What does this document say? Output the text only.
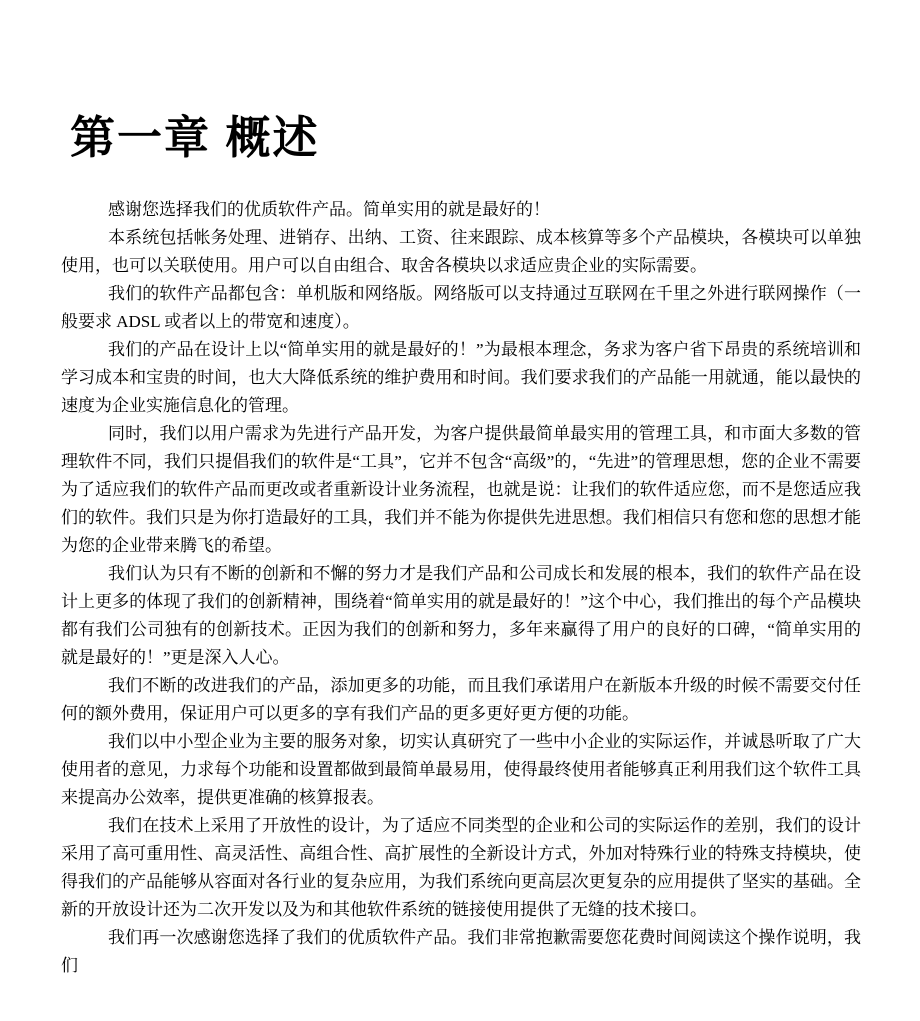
第一章 概述

感谢您选择我们的优质软件产品。简单实用的就是最好的！

本系统包括帐务处理、进销存、出纳、工资、往来跟踪、成本核算等多个产品模块，各模块可以单独使用，也可以关联使用。用户可以自由组合、取舍各模块以求适应贵企业的实际需要。

我们的软件产品都包含：单机版和网络版。网络版可以支持通过互联网在千里之外进行联网操作（一般要求 ADSL 或者以上的带宽和速度）。

我们的产品在设计上以“简单实用的就是最好的！”为最根本理念，务求为客户省下昂贵的系统培训和学习成本和宝贵的时间，也大大降低系统的维护费用和时间。我们要求我们的产品能一用就通，能以最快的速度为企业实施信息化的管理。

同时，我们以用户需求为先进行产品开发，为客户提供最简单最实用的管理工具，和市面大多数的管理软件不同，我们只提倡我们的软件是“工具”，它并不包含“高级”的，“先进”的管理思想，您的企业不需要为了适应我们的软件产品而更改或者重新设计业务流程，也就是说：让我们的软件适应您，而不是您适应我们的软件。我们只是为你打造最好的工具，我们并不能为你提供先进思想。我们相信只有您和您的思想才能为您的企业带来腾飞的希望。

我们认为只有不断的创新和不懈的努力才是我们产品和公司成长和发展的根本，我们的软件产品在设计上更多的体现了我们的创新精神，围绕着“简单实用的就是最好的！”这个中心，我们推出的每个产品模块都有我们公司独有的创新技术。正因为我们的创新和努力，多年来赢得了用户的良好的口碑，“简单实用的就是最好的！”更是深入人心。

我们不断的改进我们的产品，添加更多的功能，而且我们承诺用户在新版本升级的时候不需要交付任何的额外费用，保证用户可以更多的享有我们产品的更多更好更方便的功能。

我们以中小型企业为主要的服务对象，切实认真研究了一些中小企业的实际运作，并诚恳听取了广大使用者的意见，力求每个功能和设置都做到最简单最易用，使得最终使用者能够真正利用我们这个软件工具来提高办公效率，提供更准确的核算报表。

我们在技术上采用了开放性的设计，为了适应不同类型的企业和公司的实际运作的差别，我们的设计采用了高可重用性、高灵活性、高组合性、高扩展性的全新设计方式，外加对特殊行业的特殊支持模块，使得我们的产品能够从容面对各行业的复杂应用，为我们系统向更高层次更复杂的应用提供了坚实的基础。全新的开放设计还为二次开发以及为和其他软件系统的链接使用提供了无缝的技术接口。

我们再一次感谢您选择了我们的优质软件产品。我们非常抱歉需要您花费时间阅读这个操作说明，我们
